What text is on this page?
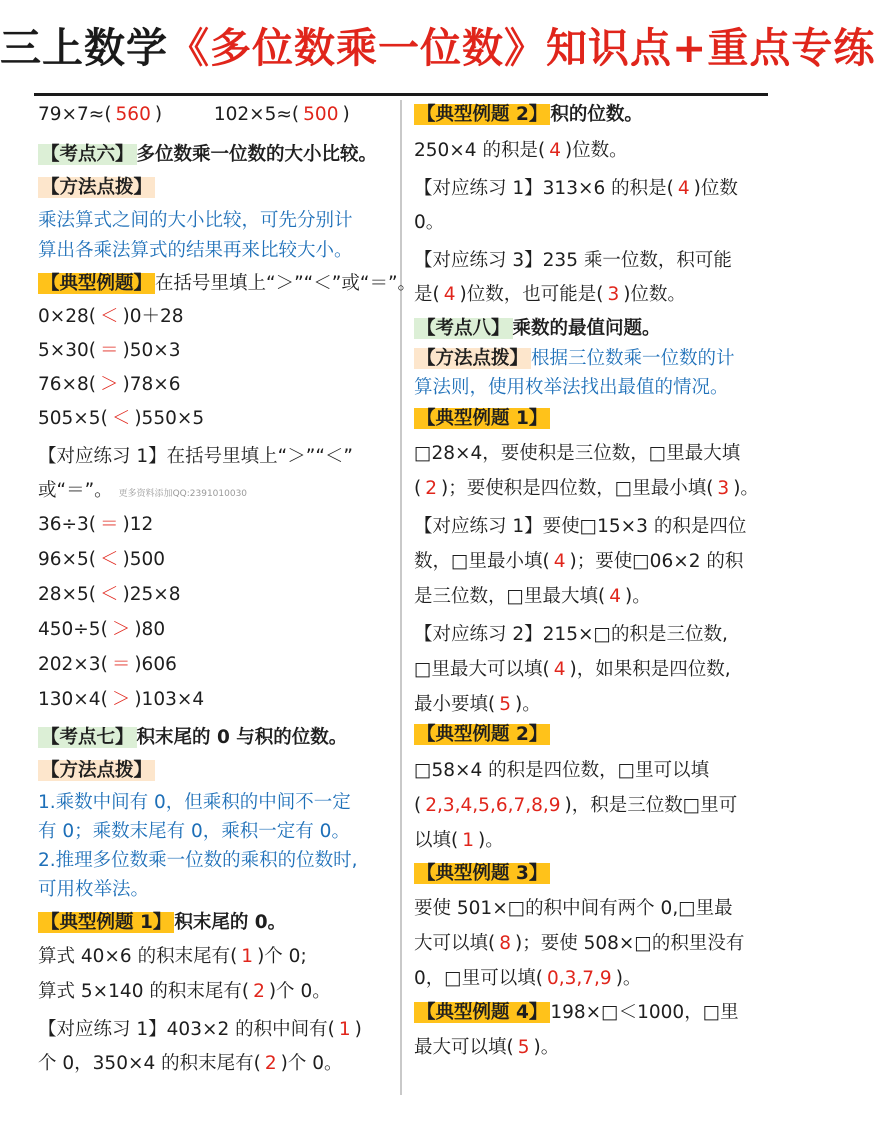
三上数学《多位数乘一位数》知识点+重点专练
79×7≈( 560 )	102×5≈( 500 )
【考点六】 多位数乘一位数的大小比较。
【方法点拨】
乘法算式之间的大小比较，可先分别计
算出各乘法算式的结果再来比较大小。
【典型例题】 在括号里填上“＞”“＜”或“＝”。
0×28( ＜ )0＋28
5×30( ＝ )50×3
76×8( ＞ )78×6
505×5( ＜ )550×5
【对应练习 1】在括号里填上“＞”“＜”
或“＝”。 更多资料添加QQ:2391010030
36÷3( ＝ )12
96×5( ＜ )500
28×5( ＜ )25×8
450÷5( ＞ )80
202×3( ＝ )606
130×4( ＞ )103×4
【考点七】 积末尾的 0 与积的位数。
【方法点拨】
1.乘数中间有 0，但乘积的中间不一定
有 0；乘数末尾有 0，乘积一定有 0。
2.推理多位数乘一位数的乘积的位数时,
可用枚举法。
【典型例题 1】 积末尾的 0。
算式 40×6 的积末尾有( 1 )个 0;
算式 5×140 的积末尾有( 2 )个 0。
【对应练习 1】403×2 的积中间有( 1 )
个 0，350×4 的积末尾有( 2 )个 0。
【典型例题 2】 积的位数。
250×4 的积是( 4 )位数。
【对应练习 1】313×6 的积是( 4 )位数
0。
【对应练习 3】235 乘一位数，积可能
是( 4 )位数，也可能是( 3 )位数。
【考点八】 乘数的最值问题。
【方法点拨】 根据三位数乘一位数的计
算法则，使用枚举法找出最值的情况。
【典型例题 1】
□28×4，要使积是三位数，□里最大填
( 2 )；要使积是四位数，□里最小填( 3 )。
【对应练习 1】要使□15×3 的积是四位
数，□里最小填( 4 )；要使□06×2 的积
是三位数，□里最大填( 4 )。
【对应练习 2】215×□的积是三位数,
□里最大可以填( 4 )，如果积是四位数,
最小要填( 5 )。
【典型例题 2】
□58×4 的积是四位数，□里可以填
( 2,3,4,5,6,7,8,9 )，积是三位数□里可
以填( 1 )。
【典型例题 3】
要使 501×□的积中间有两个 0,□里最
大可以填( 8 )；要使 508×□的积里没有
0，□里可以填( 0,3,7,9 )。
【典型例题 4】 198×□＜1000，□里
最大可以填( 5 )。
